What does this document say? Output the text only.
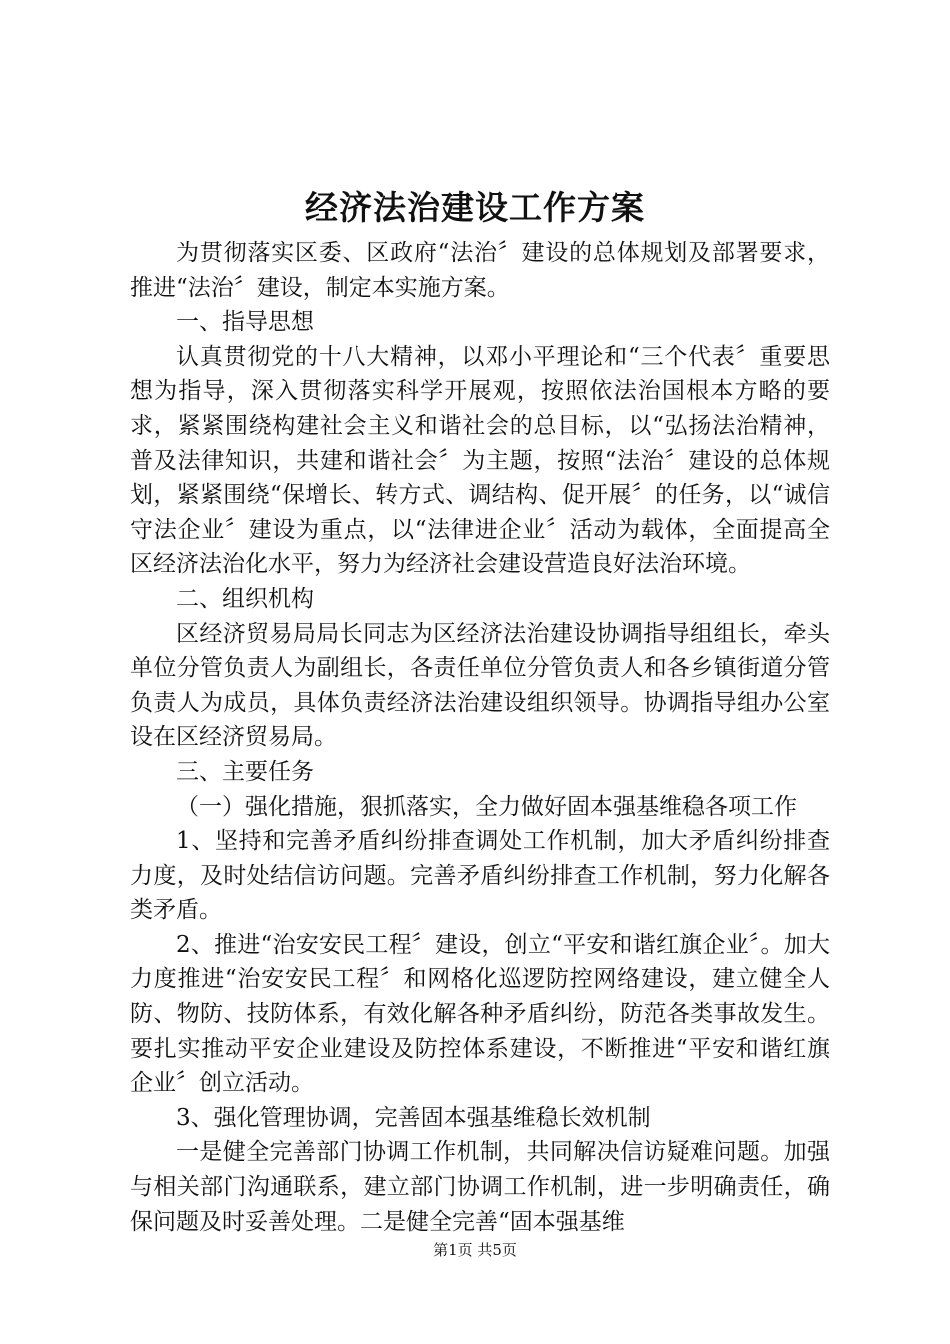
经济法治建设工作方案

为贯彻落实区委、区政府“法治〞建设的总体规划及部署要求，推进“法治〞建设，制定本实施方案。

一、指导思想

认真贯彻党的十八大精神，以邓小平理论和“三个代表〞重要思想为指导，深入贯彻落实科学开展观，按照依法治国根本方略的要求，紧紧围绕构建社会主义和谐社会的总目标，以“弘扬法治精神，普及法律知识，共建和谐社会〞为主题，按照“法治〞建设的总体规划，紧紧围绕“保增长、转方式、调结构、促开展〞的任务，以“诚信守法企业〞建设为重点，以“法律进企业〞活动为载体，全面提高全区经济法治化水平，努力为经济社会建设营造良好法治环境。

二、组织机构

区经济贸易局局长同志为区经济法治建设协调指导组组长，牵头单位分管负责人为副组长，各责任单位分管负责人和各乡镇街道分管负责人为成员，具体负责经济法治建设组织领导。协调指导组办公室设在区经济贸易局。

三、主要任务

（一）强化措施，狠抓落实，全力做好固本强基维稳各项工作

1、坚持和完善矛盾纠纷排查调处工作机制，加大矛盾纠纷排查力度，及时处结信访问题。完善矛盾纠纷排查工作机制，努力化解各类矛盾。

2、推进“治安安民工程〞建设，创立“平安和谐红旗企业〞。加大力度推进“治安安民工程〞和网格化巡逻防控网络建设，建立健全人防、物防、技防体系，有效化解各种矛盾纠纷，防范各类事故发生。要扎实推动平安企业建设及防控体系建设，不断推进“平安和谐红旗企业〞创立活动。

3、强化管理协调，完善固本强基维稳长效机制

一是健全完善部门协调工作机制，共同解决信访疑难问题。加强与相关部门沟通联系，建立部门协调工作机制，进一步明确责任，确保问题及时妥善处理。二是健全完善“固本强基维

第1页 共5页
